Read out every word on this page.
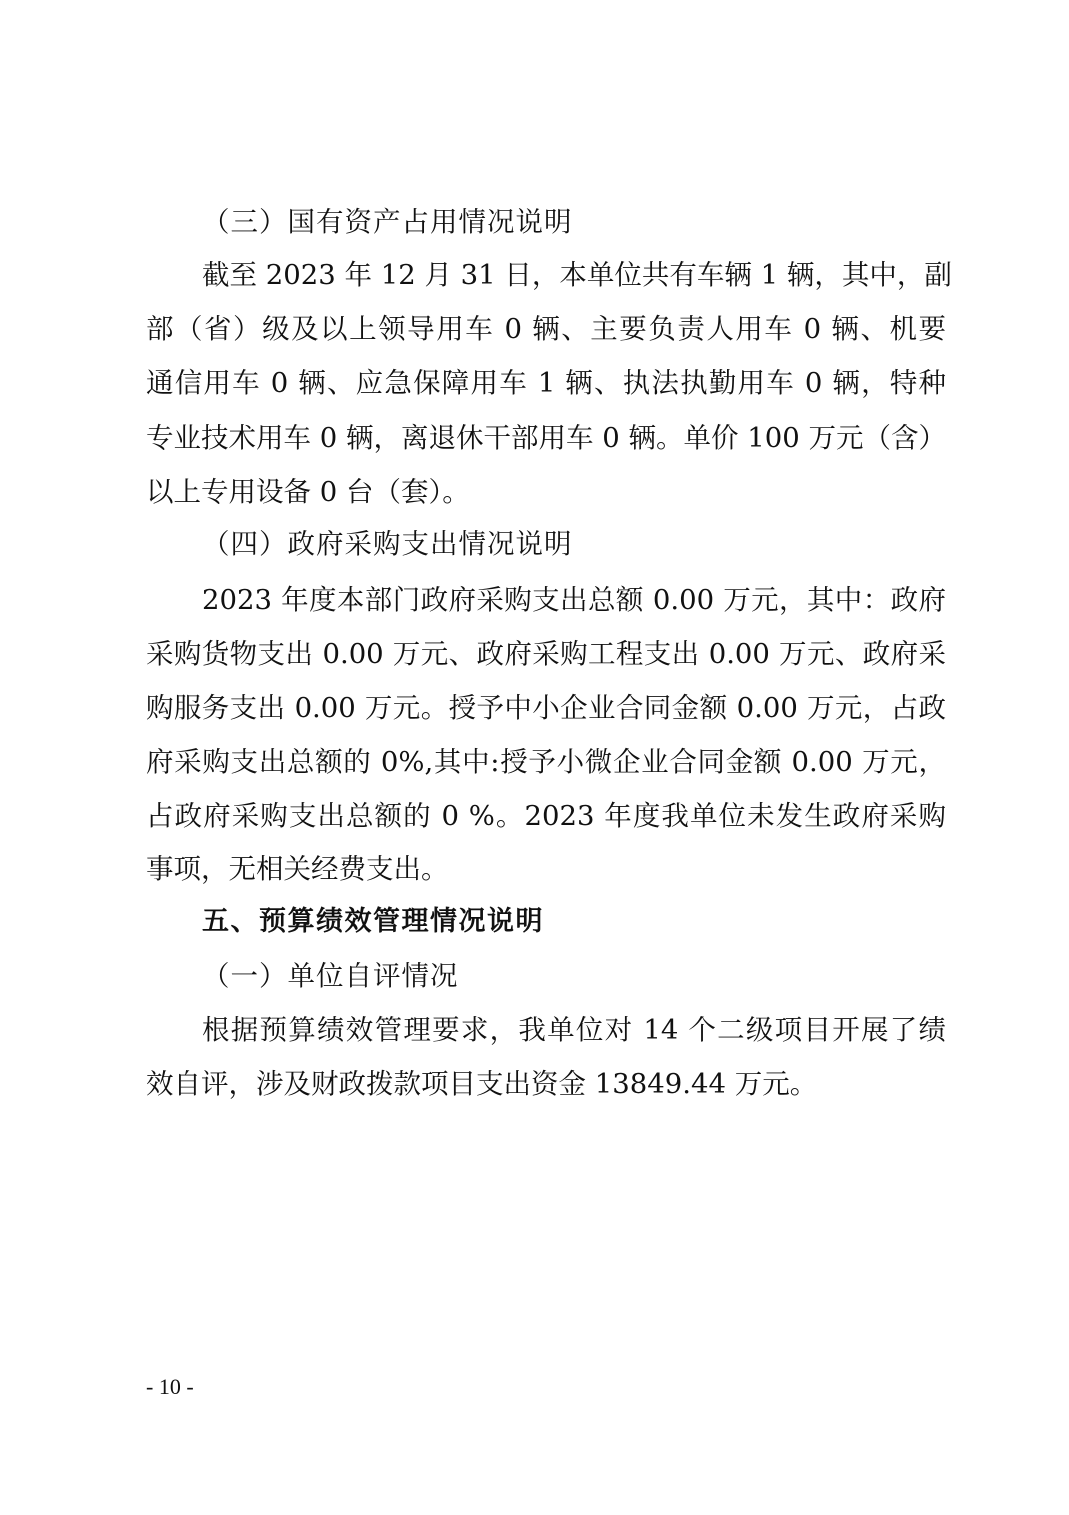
（三）国有资产占用情况说明
截至 2023 年 12 月 31 日，本单位共有车辆 1 辆，其中，副
部（省）级及以上领导用车 0 辆、主要负责人用车 0 辆、机要
通信用车 0 辆、应急保障用车 1 辆、执法执勤用车 0 辆，特种
专业技术用车 0 辆，离退休干部用车 0 辆。单价 100 万元（含）
以上专用设备 0 台（套）。
（四）政府采购支出情况说明
2023 年度本部门政府采购支出总额 0.00 万元，其中：政府
采购货物支出 0.00 万元、政府采购工程支出 0.00 万元、政府采
购服务支出 0.00 万元。授予中小企业合同金额 0.00 万元，占政
府采购支出总额的 0%,其中:授予小微企业合同金额 0.00 万元，
占政府采购支出总额的 0 %。2023 年度我单位未发生政府采购
事项，无相关经费支出。
五、预算绩效管理情况说明
（一）单位自评情况
根据预算绩效管理要求，我单位对 14 个二级项目开展了绩
效自评，涉及财政拨款项目支出资金 13849.44 万元。
- 10 -
